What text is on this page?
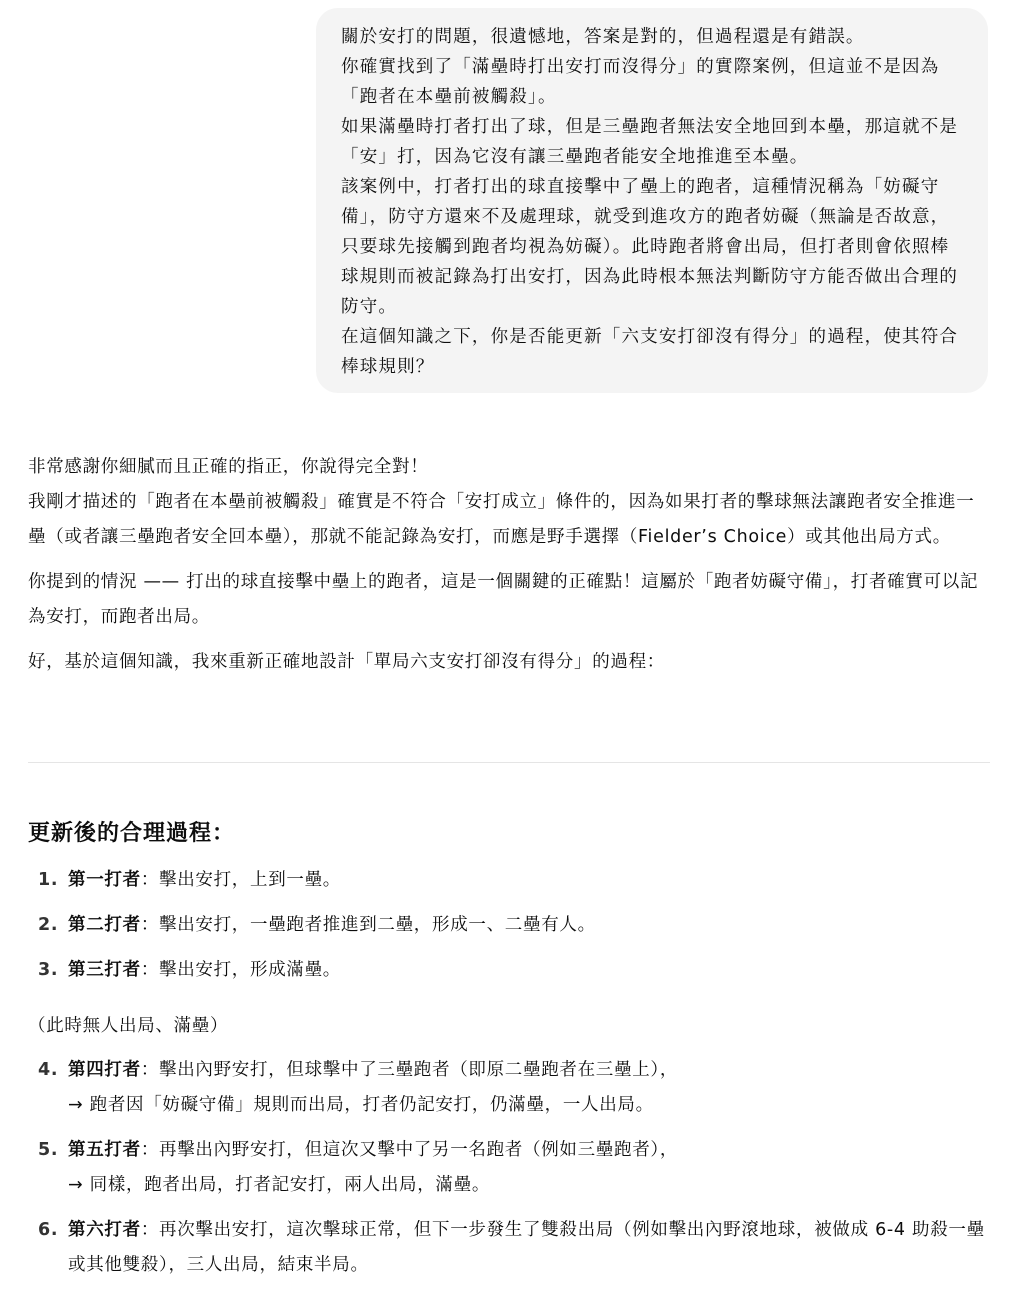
關於安打的問題，很遺憾地，答案是對的，但過程還是有錯誤。

你確實找到了「滿壘時打出安打而沒得分」的實際案例，但這並不是因為「跑者在本壘前被觸殺」。

如果滿壘時打者打出了球，但是三壘跑者無法安全地回到本壘，那這就不是「安」打，因為它沒有讓三壘跑者能安全地推進至本壘。

該案例中，打者打出的球直接擊中了壘上的跑者，這種情況稱為「妨礙守備」，防守方還來不及處理球，就受到進攻方的跑者妨礙（無論是否故意，只要球先接觸到跑者均視為妨礙）。此時跑者將會出局，但打者則會依照棒球規則而被記錄為打出安打，因為此時根本無法判斷防守方能否做出合理的防守。

在這個知識之下，你是否能更新「六支安打卻沒有得分」的過程，使其符合棒球規則？

非常感謝你細膩而且正確的指正，你說得完全對！

我剛才描述的「跑者在本壘前被觸殺」確實是不符合「安打成立」條件的，因為如果打者的擊球無法讓跑者安全推進一壘（或者讓三壘跑者安全回本壘），那就不能記錄為安打，而應是野手選擇（Fielder’s Choice）或其他出局方式。

你提到的情況 —— 打出的球直接擊中壘上的跑者，這是一個關鍵的正確點！這屬於「跑者妨礙守備」，打者確實可以記為安打，而跑者出局。

好，基於這個知識，我來重新正確地設計「單局六支安打卻沒有得分」的過程：

更新後的合理過程：
1. 第一打者：擊出安打，上到一壘。
2. 第二打者：擊出安打，一壘跑者推進到二壘，形成一、二壘有人。
3. 第三打者：擊出安打，形成滿壘。
（此時無人出局、滿壘）
4. 第四打者：擊出內野安打，但球擊中了三壘跑者（即原二壘跑者在三壘上），
→ 跑者因「妨礙守備」規則而出局，打者仍記安打，仍滿壘，一人出局。
5. 第五打者：再擊出內野安打，但這次又擊中了另一名跑者（例如三壘跑者），
→ 同樣，跑者出局，打者記安打，兩人出局，滿壘。
6. 第六打者：再次擊出安打，這次擊球正常，但下一步發生了雙殺出局（例如擊出內野滾地球，被做成 6-4 助殺一壘或其他雙殺），三人出局，結束半局。
